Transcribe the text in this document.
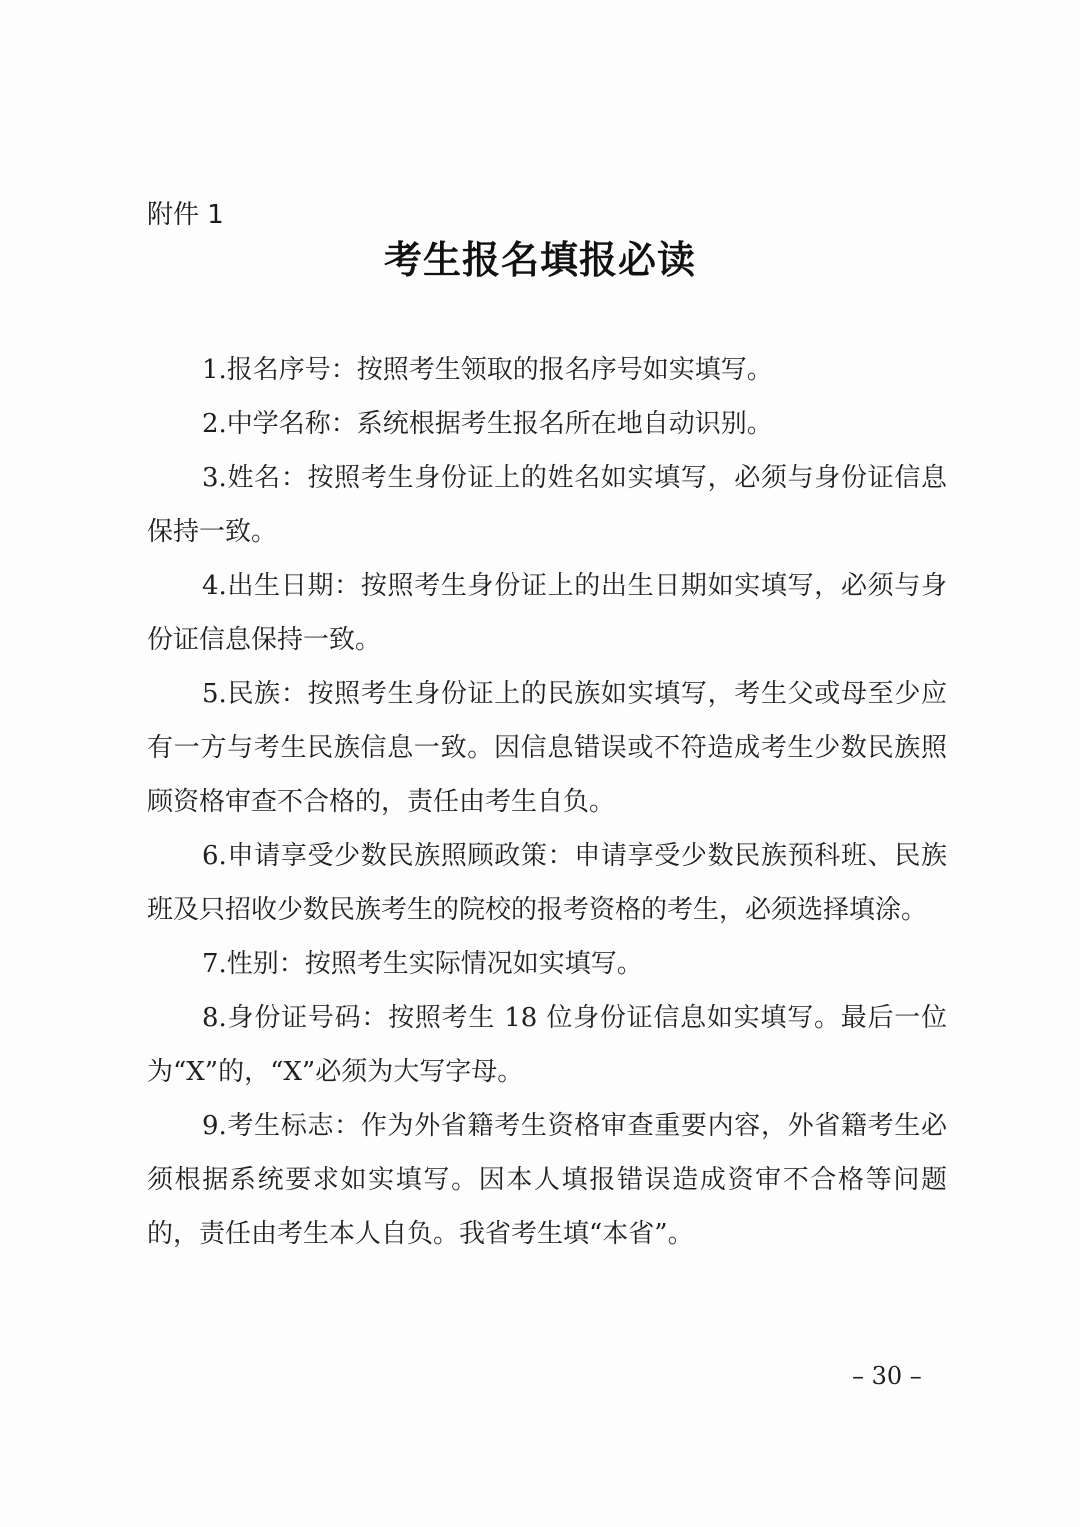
附件 1
考生报名填报必读

1.报名序号：按照考生领取的报名序号如实填写。

2.中学名称：系统根据考生报名所在地自动识别。

3.姓名：按照考生身份证上的姓名如实填写，必须与身份证信息保持一致。

4.出生日期：按照考生身份证上的出生日期如实填写，必须与身份证信息保持一致。

5.民族：按照考生身份证上的民族如实填写，考生父或母至少应有一方与考生民族信息一致。因信息错误或不符造成考生少数民族照顾资格审查不合格的，责任由考生自负。

6.申请享受少数民族照顾政策：申请享受少数民族预科班、民族班及只招收少数民族考生的院校的报考资格的考生，必须选择填涂。

7.性别：按照考生实际情况如实填写。

8.身份证号码：按照考生 18 位身份证信息如实填写。最后一位为“X”的，“X”必须为大写字母。

9.考生标志：作为外省籍考生资格审查重要内容，外省籍考生必须根据系统要求如实填写。因本人填报错误造成资审不合格等问题的，责任由考生本人自负。我省考生填“本省”。

– 30 –
